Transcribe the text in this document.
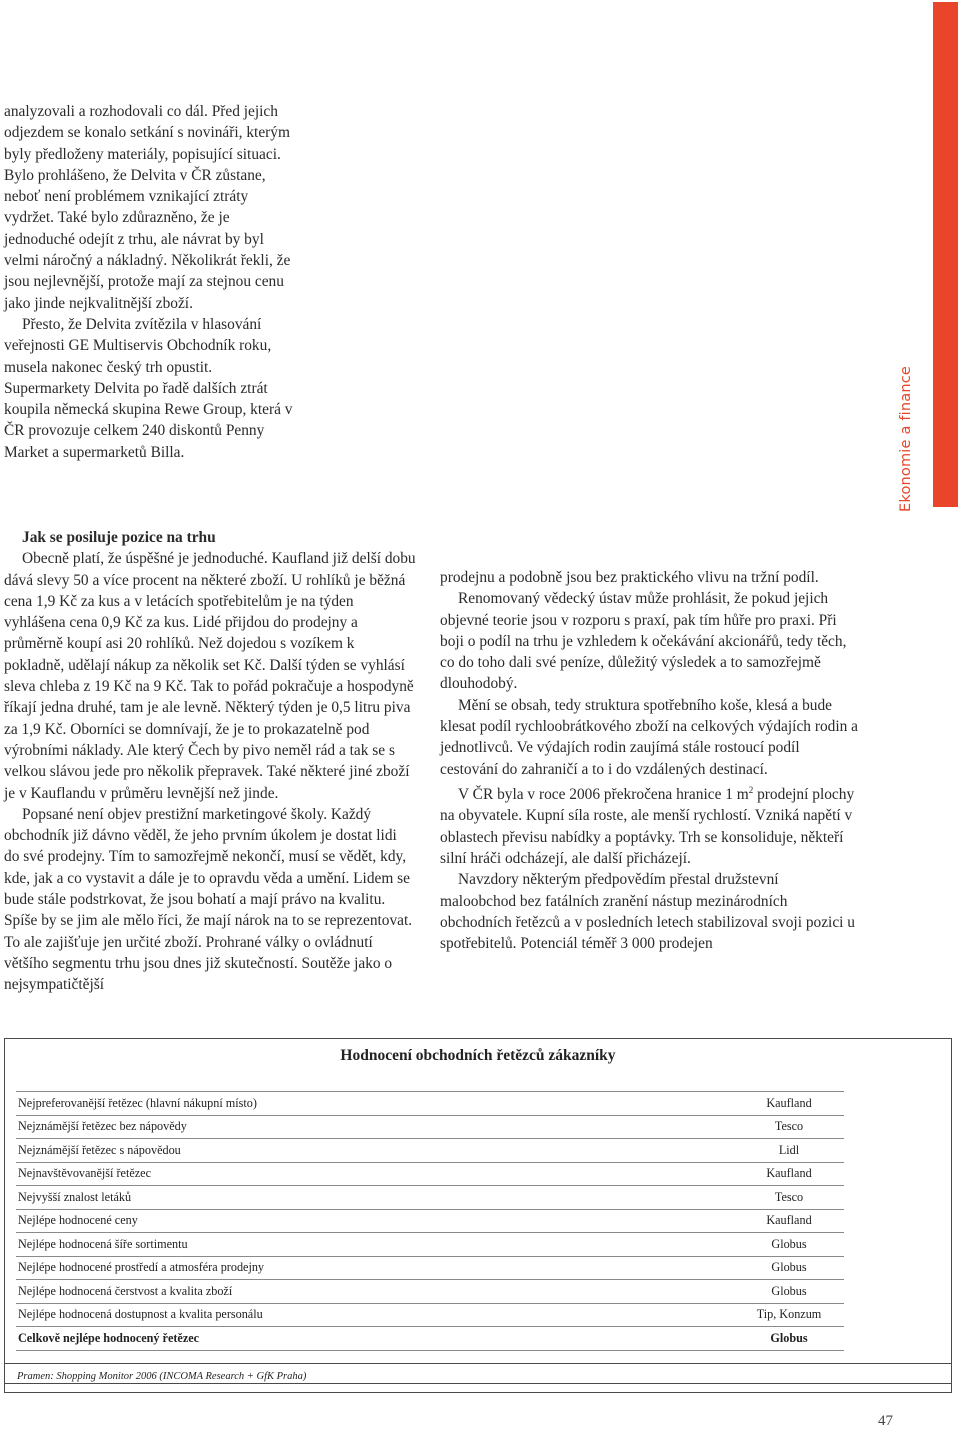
Ekonomie a finance

analyzovali a rozhodovali co dál. Před jejich odjezdem se konalo setkání s novináři, kterým byly předloženy materiály, popisující situaci. Bylo prohlášeno, že Delvita v ČR zůstane, neboť není problémem vznikající ztráty vydržet. Také bylo zdůrazněno, že je jednoduché odejít z trhu, ale návrat by byl velmi náročný a nákladný. Několikrát řekli, že jsou nejlevnější, protože mají za stejnou cenu jako jinde nejkvalitnější zboží.

Přesto, že Delvita zvítězila v hlasování veřejnosti GE Multiservis Obchodník roku, musela nakonec český trh opustit. Supermarkety Delvita po řadě dalších ztrát koupila německá skupina Rewe Group, která v ČR provozuje celkem 240 diskontů Penny Market a supermarketů Billa.

Jak se posiluje pozice na trhu

Obecně platí, že úspěšné je jednoduché. Kaufland již delší dobu dává slevy 50 a více procent na některé zboží. U rohlíků je běžná cena 1,9 Kč za kus a v letácích spotřebitelům je na týden vyhlášena cena 0,9 Kč za kus. Lidé přijdou do prodejny a průměrně koupí asi 20 rohlíků. Než dojedou s vozíkem k pokladně, udělají nákup za několik set Kč. Další týden se vyhlásí sleva chleba z 19 Kč na 9 Kč. Tak to pořád pokračuje a hospodyně říkají jedna druhé, tam je ale levně. Některý týden je 0,5 litru piva za 1,9 Kč. Oborníci se domnívají, že je to prokazatelně pod výrobními náklady. Ale který Čech by pivo neměl rád a tak se s velkou slávou jede pro několik přepravek. Také některé jiné zboží je v Kauflandu v průměru levnější než jinde.

Popsané není objev prestižní marketingové školy. Každý obchodník již dávno věděl, že jeho prvním úkolem je dostat lidi do své prodejny. Tím to samozřejmě nekončí, musí se vědět, kdy, kde, jak a co vystavit a dále je to opravdu věda a umění. Lidem se bude stále podstrkovat, že jsou bohatí a mají právo na kvalitu. Spíše by se jim ale mělo říci, že mají nárok na to se reprezentovat. To ale zajišťuje jen určité zboží. Prohrané války o ovládnutí většího segmentu trhu jsou dnes již skutečností. Soutěže jako o nejsympatičtější

prodejnu a podobně jsou bez praktického vlivu na tržní podíl.

Renomovaný vědecký ústav může prohlásit, že pokud jejich objevné teorie jsou v rozporu s praxí, pak tím hůře pro praxi. Při boji o podíl na trhu je vzhledem k očekávání akcionářů, tedy těch, co do toho dali své peníze, důležitý výsledek a to samozřejmě dlouhodobý.

Mění se obsah, tedy struktura spotřebního koše, klesá a bude klesat podíl rychloobrátkového zboží na celkových výdajích rodin a jednotlivců. Ve výdajích rodin zaujímá stále rostoucí podíl cestování do zahraničí a to i do vzdálených destinací.

V ČR byla v roce 2006 překročena hranice 1 $m^2$ prodejní plochy na obyvatele. Kupní síla roste, ale menší rychlostí. Vzniká napětí v oblastech převisu nabídky a poptávky. Trh se konsoliduje, někteří silní hráči odcházejí, ale další přicházejí.

Navzdory některým předpovědím přestal družstevní maloobchod bez fatálních zranění nástup mezinárodních obchodních řetězců a v posledních letech stabilizoval svoji pozici u spotřebitelů. Potenciál téměř 3 000 prodejen

Hodnocení obchodních řetězců zákazníky
Nejpreferovanější řetězec (hlavní nákupní místo)	Kaufland
Nejznámější řetězec bez nápovědy	Tesco
Nejznámější řetězec s nápovědou	Lidl
Nejnavštěvovanější řetězec	Kaufland
Nejvyšší znalost letáků	Tesco
Nejlépe hodnocené ceny	Kaufland
Nejlépe hodnocená šíře sortimentu	Globus
Nejlépe hodnocené prostředí a atmosféra prodejny	Globus
Nejlépe hodnocená čerstvost a kvalita zboží	Globus
Nejlépe hodnocená dostupnost a kvalita personálu	Tip, Konzum
Celkově nejlépe hodnocený řetězec	Globus
Pramen: Shopping Monitor 2006 (INCOMA Research + GfK Praha)
47
